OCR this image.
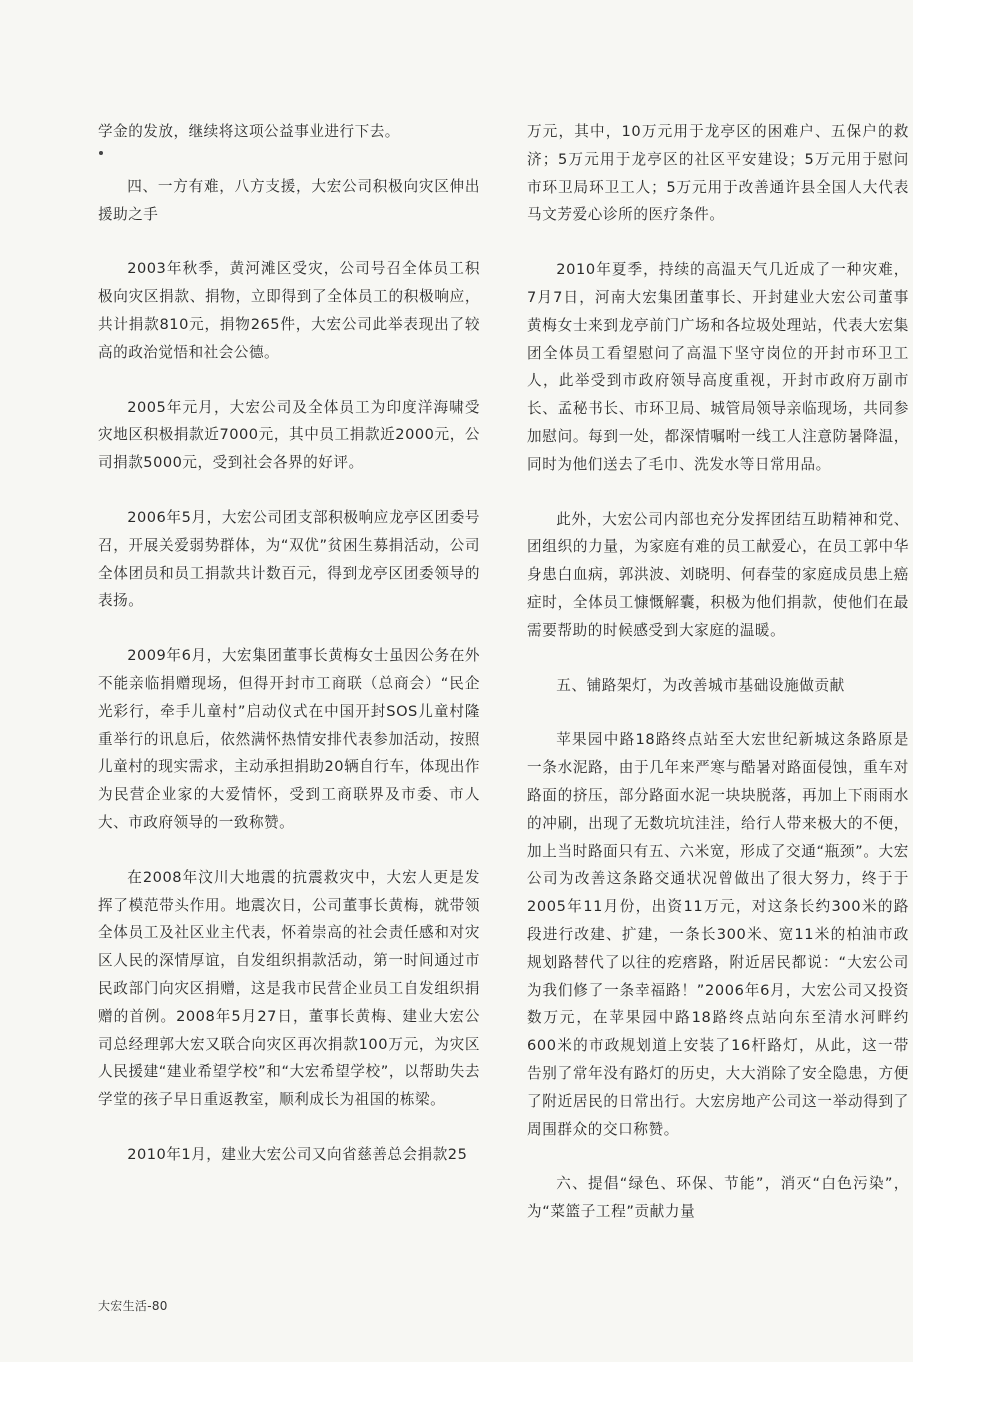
学金的发放，继续将这项公益事业进行下去。

四、一方有难，八方支援，大宏公司积极向灾区伸出援助之手

2003年秋季，黄河滩区受灾，公司号召全体员工积极向灾区捐款、捐物，立即得到了全体员工的积极响应，共计捐款810元，捐物265件，大宏公司此举表现出了较高的政治觉悟和社会公德。

2005年元月，大宏公司及全体员工为印度洋海啸受灾地区积极捐款近7000元，其中员工捐款近2000元，公司捐款5000元，受到社会各界的好评。

2006年5月，大宏公司团支部积极响应龙亭区团委号召，开展关爱弱势群体，为“双优”贫困生募捐活动，公司全体团员和员工捐款共计数百元，得到龙亭区团委领导的表扬。

2009年6月，大宏集团董事长黄梅女士虽因公务在外不能亲临捐赠现场，但得开封市工商联（总商会）“民企光彩行，牵手儿童村”启动仪式在中国开封SOS儿童村隆重举行的讯息后，依然满怀热情安排代表参加活动，按照儿童村的现实需求，主动承担捐助20辆自行车，体现出作为民营企业家的大爱情怀，受到工商联界及市委、市人大、市政府领导的一致称赞。

在2008年汶川大地震的抗震救灾中，大宏人更是发挥了模范带头作用。地震次日，公司董事长黄梅，就带领全体员工及社区业主代表，怀着崇高的社会责任感和对灾区人民的深情厚谊，自发组织捐款活动，第一时间通过市民政部门向灾区捐赠，这是我市民营企业员工自发组织捐赠的首例。2008年5月27日，董事长黄梅、建业大宏公司总经理郭大宏又联合向灾区再次捐款100万元，为灾区人民援建“建业希望学校”和“大宏希望学校”，以帮助失去学堂的孩子早日重返教室，顺利成长为祖国的栋梁。

2010年1月，建业大宏公司又向省慈善总会捐款25

万元，其中，10万元用于龙亭区的困难户、五保户的救济；5万元用于龙亭区的社区平安建设；5万元用于慰问市环卫局环卫工人；5万元用于改善通许县全国人大代表马文芳爱心诊所的医疗条件。

2010年夏季，持续的高温天气几近成了一种灾难，7月7日，河南大宏集团董事长、开封建业大宏公司董事黄梅女士来到龙亭前门广场和各垃圾处理站，代表大宏集团全体员工看望慰问了高温下坚守岗位的开封市环卫工人，此举受到市政府领导高度重视，开封市政府万副市长、孟秘书长、市环卫局、城管局领导亲临现场，共同参加慰问。每到一处，都深情嘱咐一线工人注意防暑降温，同时为他们送去了毛巾、洗发水等日常用品。

此外，大宏公司内部也充分发挥团结互助精神和党、团组织的力量，为家庭有难的员工献爱心，在员工郭中华身患白血病，郭洪波、刘晓明、何春莹的家庭成员患上癌症时，全体员工慷慨解囊，积极为他们捐款，使他们在最需要帮助的时候感受到大家庭的温暖。

五、铺路架灯，为改善城市基础设施做贡献

苹果园中路18路终点站至大宏世纪新城这条路原是一条水泥路，由于几年来严寒与酷暑对路面侵蚀，重车对路面的挤压，部分路面水泥一块块脱落，再加上下雨雨水的冲刷，出现了无数坑坑洼洼，给行人带来极大的不便，加上当时路面只有五、六米宽，形成了交通“瓶颈”。大宏公司为改善这条路交通状况曾做出了很大努力，终于于2005年11月份，出资11万元，对这条长约300米的路段进行改建、扩建，一条长300米、宽11米的柏油市政规划路替代了以往的疙瘩路，附近居民都说：“大宏公司为我们修了一条幸福路！”2006年6月，大宏公司又投资数万元，在苹果园中路18路终点站向东至清水河畔约600米的市政规划道上安装了16杆路灯，从此，这一带告别了常年没有路灯的历史，大大消除了安全隐患，方便了附近居民的日常出行。大宏房地产公司这一举动得到了周围群众的交口称赞。

六、提倡“绿色、环保、节能”，消灭“白色污染”，为“菜篮子工程”贡献力量

大宏生活-80
